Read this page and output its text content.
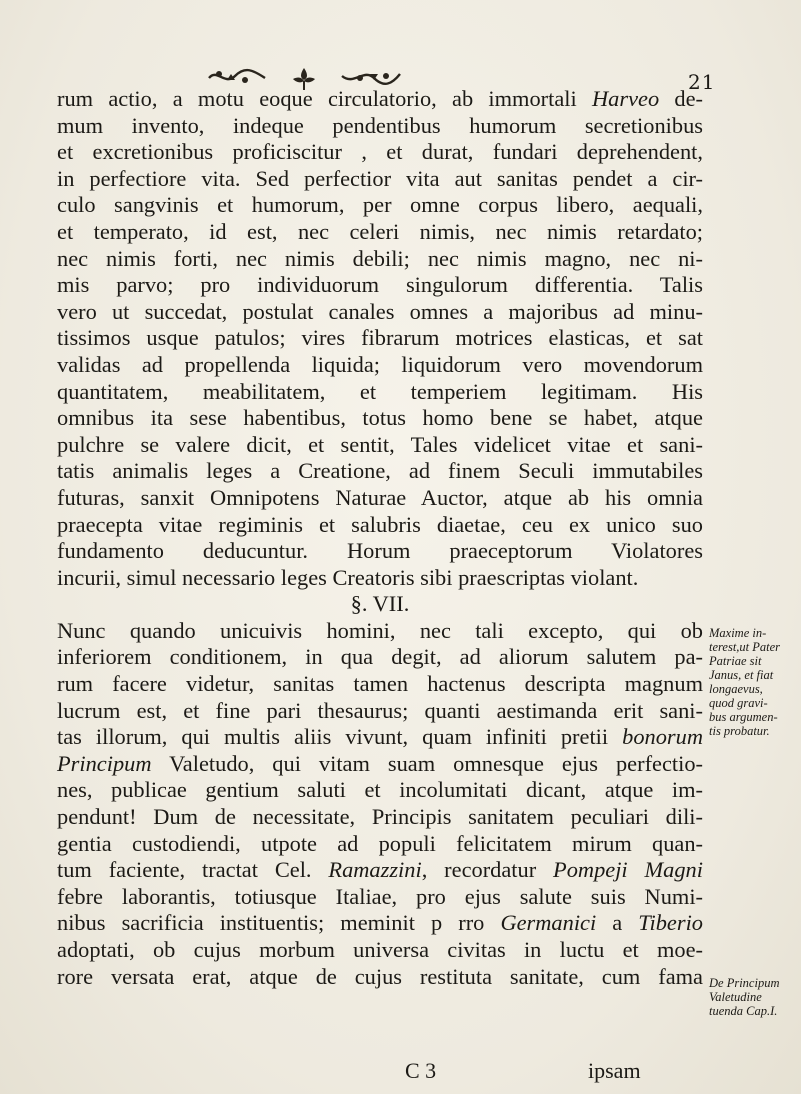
21
rum actio, a motu eoque circulatorio, ab immortali Harveo de-
mum invento, indeque pendentibus humorum secretionibus
et excretionibus proficiscitur , et durat, fundari deprehendent,
in perfectiore vita. Sed perfectior vita aut sanitas pendet a cir-
culo sangvinis et humorum, per omne corpus libero, aequali,
et temperato, id est, nec celeri nimis, nec nimis retardato;
nec nimis forti, nec nimis debili; nec nimis magno, nec ni-
mis parvo; pro individuorum singulorum differentia. Talis
vero ut succedat, postulat canales omnes a majoribus ad minu-
tissimos usque patulos; vires fibrarum motrices elasticas, et sat
validas ad propellenda liquida; liquidorum vero movendorum
quantitatem, meabilitatem, et temperiem legitimam. His
omnibus ita sese habentibus, totus homo bene se habet, atque
pulchre se valere dicit, et sentit, Tales videlicet vitae et sani-
tatis animalis leges a Creatione, ad finem Seculi immutabiles
futuras, sanxit Omnipotens Naturae Auctor, atque ab his omnia
praecepta vitae regiminis et salubris diaetae, ceu ex unico suo
fundamento deducuntur. Horum praeceptorum Violatores
incurii, simul necessario leges Creatoris sibi praescriptas violant.
§. VII.
Nunc quando unicuivis homini, nec tali excepto, qui ob
inferiorem conditionem, in qua degit, ad aliorum salutem pa-
rum facere videtur, sanitas tamen hactenus descripta magnum
lucrum est, et fine pari thesaurus; quanti aestimanda erit sani-
tas illorum, qui multis aliis vivunt, quam infiniti pretii bonorum
Principum Valetudo, qui vitam suam omnesque ejus perfectio-
nes, publicae gentium saluti et incolumitati dicant, atque im-
pendunt! Dum de necessitate, Principis sanitatem peculiari dili-
gentia custodiendi, utpote ad populi felicitatem mirum quan-
tum faciente, tractat Cel. Ramazzini, recordatur Pompeji Magni
febre laborantis, totiusque Italiae, pro ejus salute suis Numi-
nibus sacrificia instituentis; meminit p rro Germanici a Tiberio
adoptati, ob cujus morbum universa civitas in luctu et moe-
rore versata erat, atque de cujus restituta sanitate, cum fama
Maxime in-
terest,ut Pater
Patriae sit
Janus, et fiat
longaevus,
quod gravi-
bus argumen-
tis probatur.
De Principum
Valetudine
tuenda Cap.I.
C 3	ipsam
